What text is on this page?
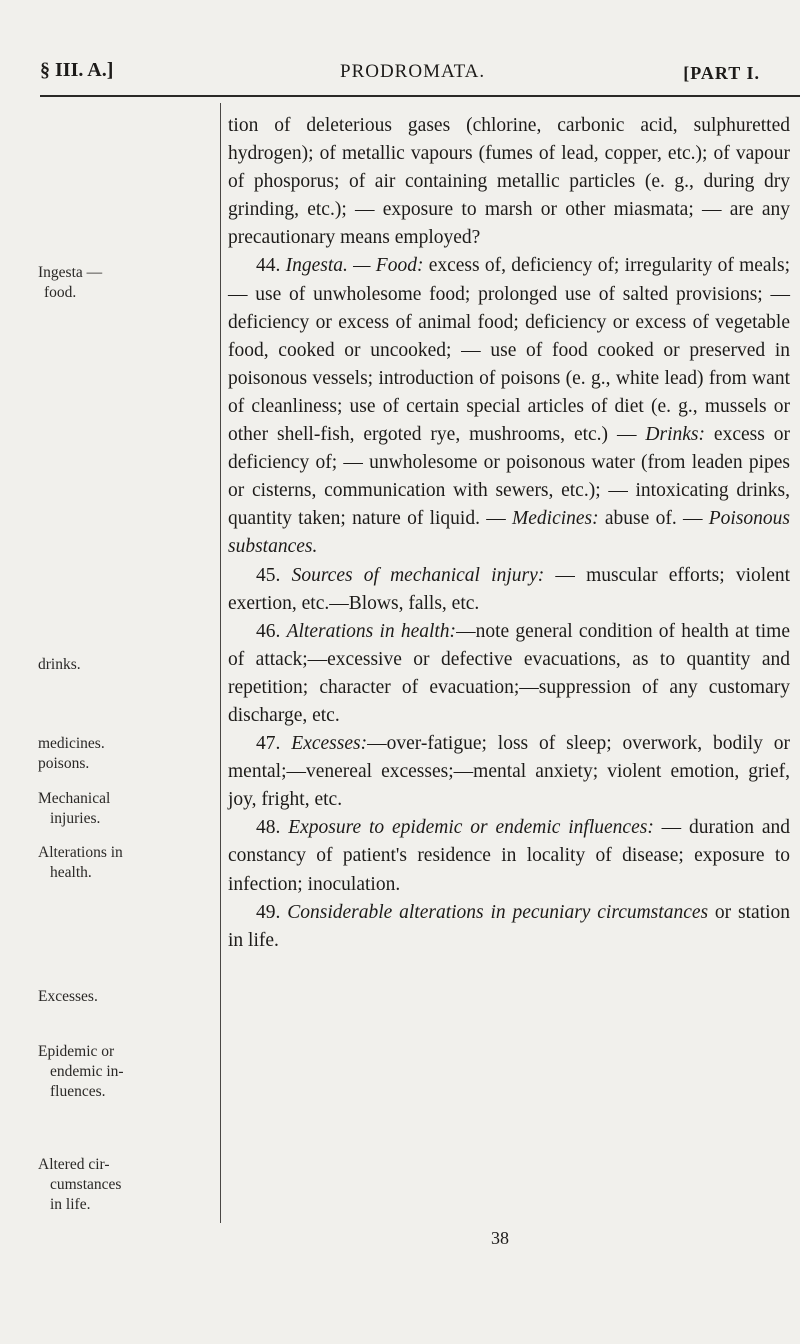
§ III. A.]	PRODROMATA.	[PART I.
Ingesta —
food.
drinks.
medicines.
poisons.
Mechanical
injuries.
Alterations in
health.
Excesses.
Epidemic or
endemic in-
fluences.
Altered cir-
cumstances
in life.

tion of deleterious gases (chlorine, carbonic acid, sulphuretted hydrogen); of metallic vapours (fumes of lead, copper, etc.); of vapour of phosporus; of air containing metallic particles (e. g., during dry grinding, etc.); — exposure to marsh or other miasmata; — are any precautionary means employed?

44. Ingesta. — Food: excess of, deficiency of; irregularity of meals; — use of unwholesome food; prolonged use of salted provisions; — deficiency or excess of animal food; deficiency or excess of vegetable food, cooked or uncooked; — use of food cooked or preserved in poisonous vessels; introduction of poisons (e. g., white lead) from want of cleanliness; use of certain special articles of diet (e. g., mussels or other shell-fish, ergoted rye, mushrooms, etc.) — Drinks: excess or deficiency of; — unwholesome or poisonous water (from leaden pipes or cisterns, communication with sewers, etc.); — intoxicating drinks, quantity taken; nature of liquid. — Medicines: abuse of. — Poisonous substances.

45. Sources of mechanical injury: — muscular efforts; violent exertion, etc.—Blows, falls, etc.

46. Alterations in health:—note general condition of health at time of attack;—excessive or defective evacuations, as to quantity and repetition; character of evacuation;—suppression of any customary discharge, etc.

47. Excesses:—over-fatigue; loss of sleep; overwork, bodily or mental;—venereal excesses;—mental anxiety; violent emotion, grief, joy, fright, etc.

48. Exposure to epidemic or endemic influences: — duration and constancy of patient's residence in locality of disease; exposure to infection; inoculation.

49. Considerable alterations in pecuniary circumstances or station in life.

38
